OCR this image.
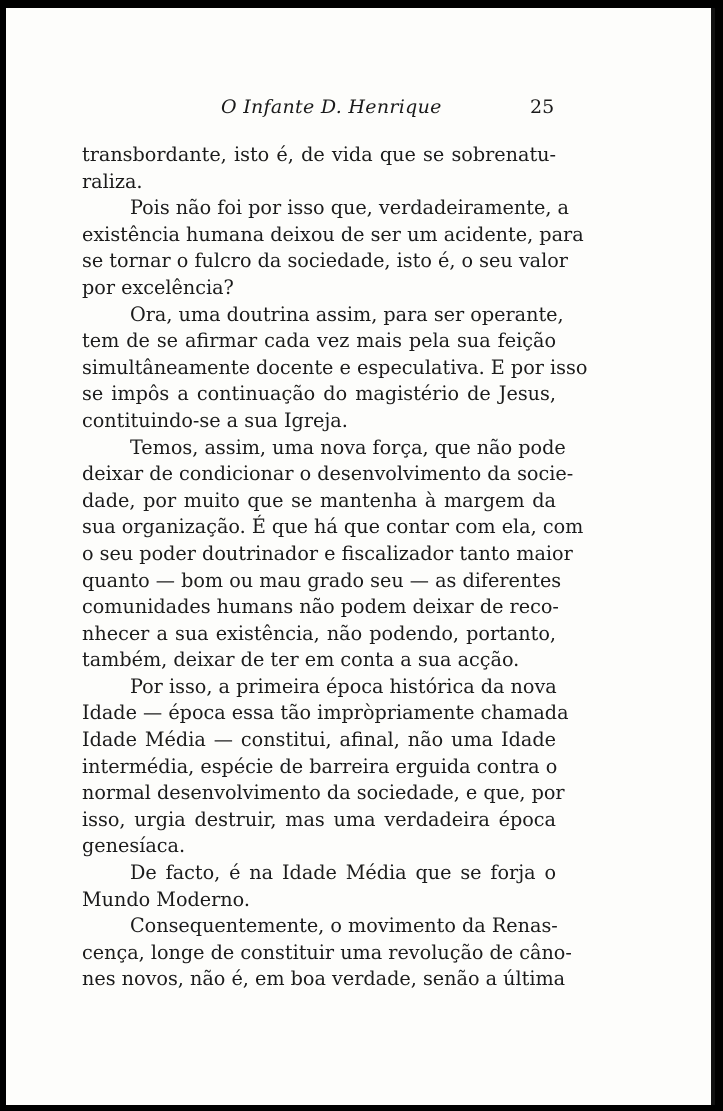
O Infante D. Henrique	25
transbordante, isto é, de vida que se sobrenatu-
raliza.
Pois não foi por isso que, verdadeiramente, a
existência humana deixou de ser um acidente, para
se tornar o fulcro da sociedade, isto é, o seu valor
por excelência?
Ora, uma doutrina assim, para ser operante,
tem de se afirmar cada vez mais pela sua feição
simultâneamente docente e especulativa. E por isso
se impôs a continuação do magistério de Jesus,
contituindo-se a sua Igreja.
Temos, assim, uma nova força, que não pode
deixar de condicionar o desenvolvimento da socie-
dade, por muito que se mantenha à margem da
sua organização. É que há que contar com ela, com
o seu poder doutrinador e fiscalizador tanto maior
quanto — bom ou mau grado seu — as diferentes
comunidades humans não podem deixar de reco-
nhecer a sua existência, não podendo, portanto,
também, deixar de ter em conta a sua acção.
Por isso, a primeira época histórica da nova
Idade — época essa tão impròpriamente chamada
Idade Média — constitui, afinal, não uma Idade
intermédia, espécie de barreira erguida contra o
normal desenvolvimento da sociedade, e que, por
isso, urgia destruir, mas uma verdadeira época
genesíaca.
De facto, é na Idade Média que se forja o
Mundo Moderno.
Consequentemente, o movimento da Renas-
cença, longe de constituir uma revolução de câno-
nes novos, não é, em boa verdade, senão a última
